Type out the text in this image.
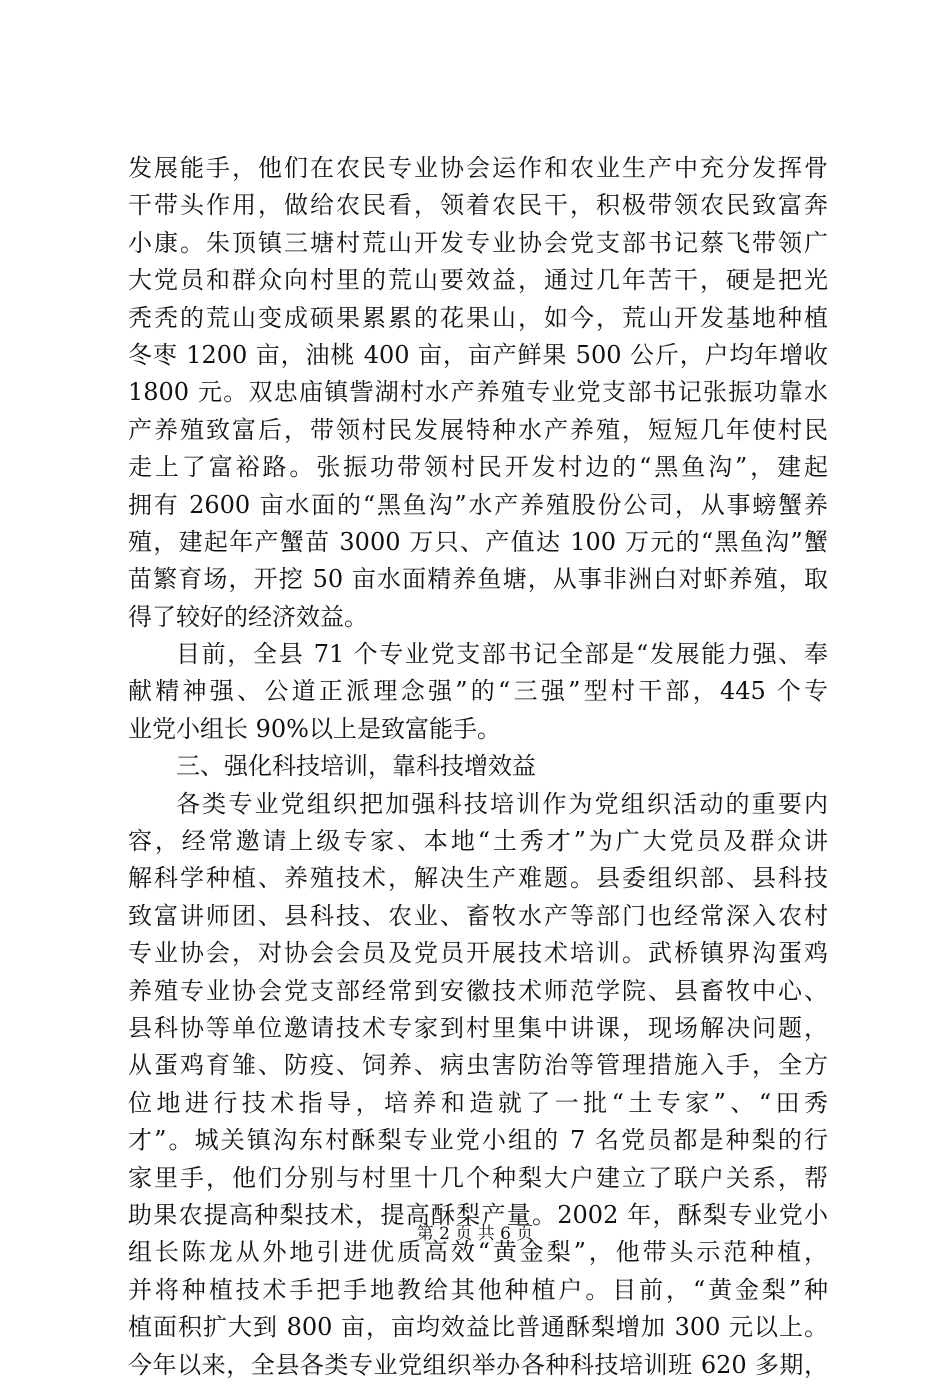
发展能手，他们在农民专业协会运作和农业生产中充分发挥骨
干带头作用，做给农民看，领着农民干，积极带领农民致富奔
小康。朱顶镇三塘村荒山开发专业协会党支部书记蔡飞带领广
大党员和群众向村里的荒山要效益，通过几年苦干，硬是把光
秃秃的荒山变成硕果累累的花果山，如今，荒山开发基地种植
冬枣 1200 亩，油桃 400 亩，亩产鲜果 500 公斤，户均年增收
1800 元。双忠庙镇訾湖村水产养殖专业党支部书记张振功靠水
产养殖致富后，带领村民发展特种水产养殖，短短几年使村民
走上了富裕路。张振功带领村民开发村边的“黑鱼沟”，建起
拥有 2600 亩水面的“黑鱼沟”水产养殖股份公司，从事螃蟹养
殖，建起年产蟹苗 3000 万只、产值达 100 万元的“黑鱼沟”蟹
苗繁育场，开挖 50 亩水面精养鱼塘，从事非洲白对虾养殖，取
得了较好的经济效益。
目前，全县 71 个专业党支部书记全部是“发展能力强、奉
献精神强、公道正派理念强”的“三强”型村干部，445 个专
业党小组长 90%以上是致富能手。
三、强化科技培训，靠科技增效益
各类专业党组织把加强科技培训作为党组织活动的重要内
容，经常邀请上级专家、本地“土秀才”为广大党员及群众讲
解科学种植、养殖技术，解决生产难题。县委组织部、县科技
致富讲师团、县科技、农业、畜牧水产等部门也经常深入农村
专业协会，对协会会员及党员开展技术培训。武桥镇界沟蛋鸡
养殖专业协会党支部经常到安徽技术师范学院、县畜牧中心、
县科协等单位邀请技术专家到村里集中讲课，现场解决问题，
从蛋鸡育雏、防疫、饲养、病虫害防治等管理措施入手，全方
位地进行技术指导，培养和造就了一批“土专家”、“田秀
才”。城关镇沟东村酥梨专业党小组的 7 名党员都是种梨的行
家里手，他们分别与村里十几个种梨大户建立了联户关系，帮
助果农提高种梨技术，提高酥梨产量。2002 年，酥梨专业党小
组长陈龙从外地引进优质高效“黄金梨”，他带头示范种植，
并将种植技术手把手地教给其他种植户。目前，“黄金梨”种
植面积扩大到 800 亩，亩均效益比普通酥梨增加 300 元以上。
今年以来，全县各类专业党组织举办各种科技培训班 620 多期，
第 2 页 共 6 页
